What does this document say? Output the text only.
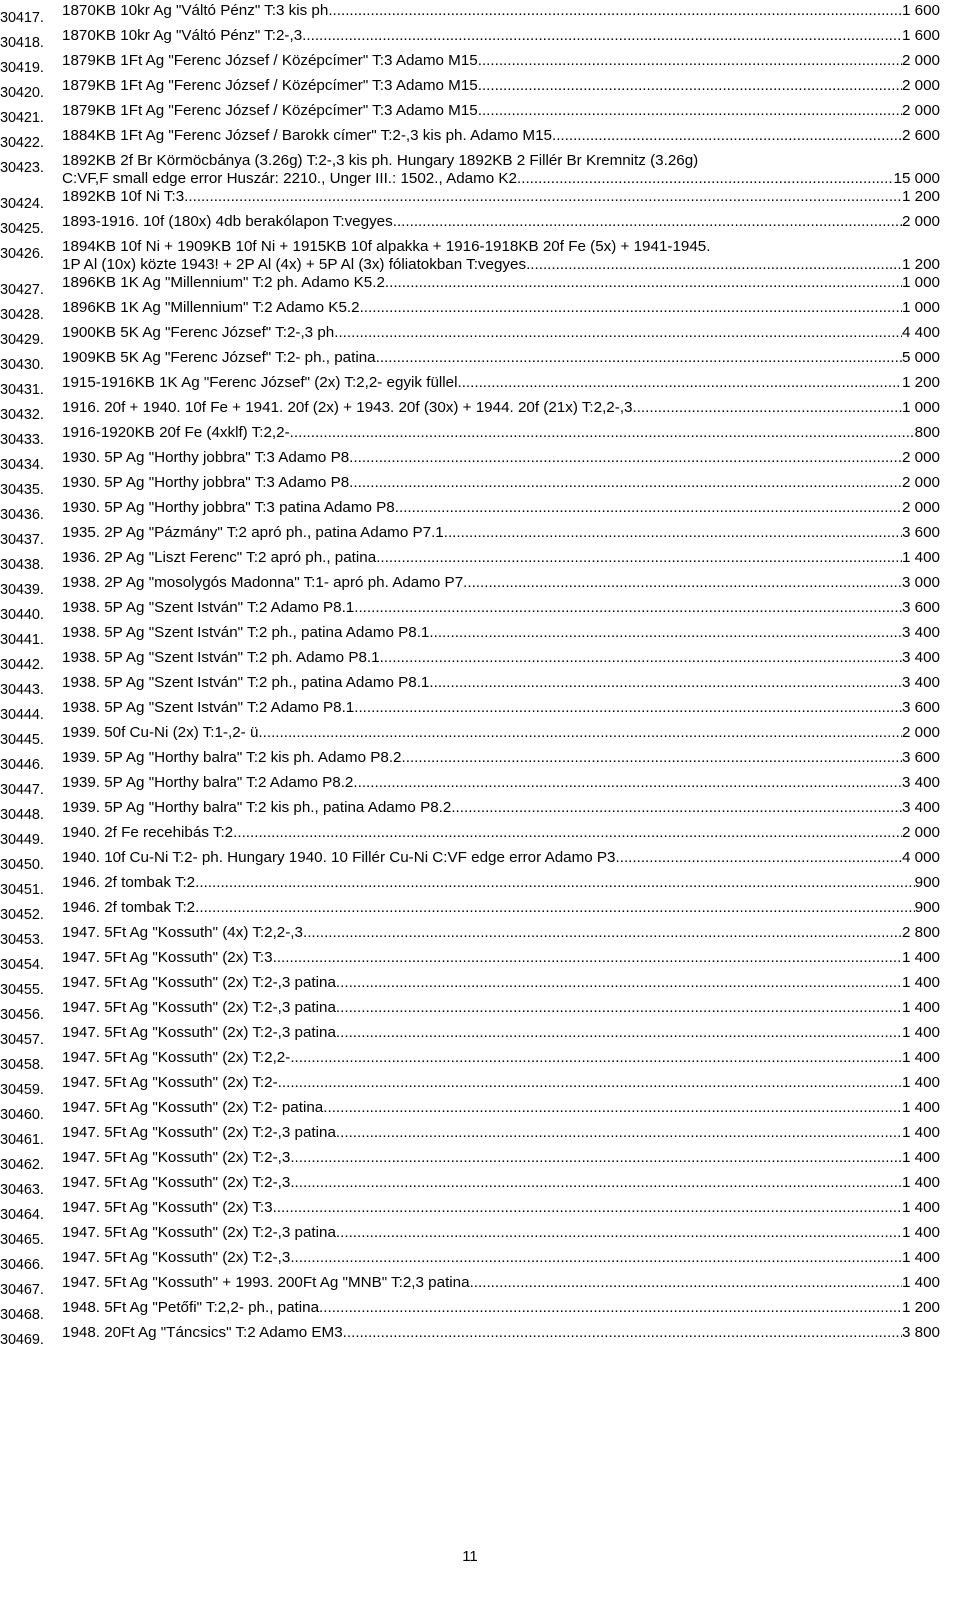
30417.	1870KB 10kr Ag "Váltó Pénz" T:3 kis ph. .....	1 600
30418.	1870KB 10kr Ag "Váltó Pénz" T:2-,3 .....	1 600
30419.	1879KB 1Ft Ag "Ferenc József / Középcímer" T:3 Adamo M15 .....	2 000
30420.	1879KB 1Ft Ag "Ferenc József / Középcímer" T:3 Adamo M15 .....	2 000
30421.	1879KB 1Ft Ag "Ferenc József / Középcímer" T:3 Adamo M15 .....	2 000
30422.	1884KB 1Ft Ag "Ferenc József / Barokk címer" T:2-,3 kis ph. Adamo M15 .....	2 600
30423.	1892KB 2f Br Körmöcbánya (3.26g) T:2-,3 kis ph. Hungary 1892KB 2 Fillér Br Kremnitz (3.26g)
C:VF,F small edge error Huszár: 2210., Unger III.: 1502., Adamo K2 .....	15 000
30424.	1892KB 10f Ni T:3 .....	1 200
30425.	1893-1916. 10f (180x) 4db berakólapon T:vegyes .....	2 000
30426.	1894KB 10f Ni + 1909KB 10f Ni + 1915KB 10f alpakka + 1916-1918KB 20f Fe (5x) + 1941-1945.
1P Al (10x) közte 1943! + 2P Al (4x) + 5P Al (3x) fóliatokban T:vegyes .....	1 200
30427.	1896KB 1K Ag "Millennium" T:2 ph. Adamo K5.2 .....	1 000
30428.	1896KB 1K Ag "Millennium" T:2 Adamo K5.2 .....	1 000
30429.	1900KB 5K Ag "Ferenc József" T:2-,3 ph. .....	4 400
30430.	1909KB 5K Ag "Ferenc József" T:2- ph., patina .....	5 000
30431.	1915-1916KB 1K Ag "Ferenc József" (2x) T:2,2- egyik füllel .....	1 200
30432.	1916. 20f + 1940. 10f Fe + 1941. 20f (2x) + 1943. 20f (30x) + 1944. 20f (21x) T:2,2-,3 .....	1 000
30433.	1916-1920KB 20f Fe (4xklf) T:2,2- .....	800
30434.	1930. 5P Ag "Horthy jobbra" T:3 Adamo P8 .....	2 000
30435.	1930. 5P Ag "Horthy jobbra" T:3 Adamo P8 .....	2 000
30436.	1930. 5P Ag "Horthy jobbra" T:3 patina Adamo P8 .....	2 000
30437.	1935. 2P Ag "Pázmány" T:2 apró ph., patina Adamo P7.1 .....	3 600
30438.	1936. 2P Ag "Liszt Ferenc" T:2 apró ph., patina .....	1 400
30439.	1938. 2P Ag "mosolygós Madonna" T:1- apró ph. Adamo P7 .....	3 000
30440.	1938. 5P Ag "Szent István" T:2 Adamo P8.1 .....	3 600
30441.	1938. 5P Ag "Szent István" T:2 ph., patina Adamo P8.1 .....	3 400
30442.	1938. 5P Ag "Szent István" T:2 ph. Adamo P8.1 .....	3 400
30443.	1938. 5P Ag "Szent István" T:2 ph., patina Adamo P8.1 .....	3 400
30444.	1938. 5P Ag "Szent István" T:2 Adamo P8.1 .....	3 600
30445.	1939. 50f Cu-Ni (2x) T:1-,2- ü. .....	2 000
30446.	1939. 5P Ag "Horthy balra" T:2 kis ph. Adamo P8.2 .....	3 600
30447.	1939. 5P Ag "Horthy balra" T:2 Adamo P8.2 .....	3 400
30448.	1939. 5P Ag "Horthy balra" T:2 kis ph., patina Adamo P8.2 .....	3 400
30449.	1940. 2f Fe recehibás T:2 .....	2 000
30450.	1940. 10f Cu-Ni T:2- ph. Hungary 1940. 10 Fillér Cu-Ni C:VF edge error Adamo P3 .....	4 000
30451.	1946. 2f tombak T:2 .....	900
30452.	1946. 2f tombak T:2 .....	900
30453.	1947. 5Ft Ag "Kossuth" (4x) T:2,2-,3 .....	2 800
30454.	1947. 5Ft Ag "Kossuth" (2x) T:3 .....	1 400
30455.	1947. 5Ft Ag "Kossuth" (2x) T:2-,3 patina .....	1 400
30456.	1947. 5Ft Ag "Kossuth" (2x) T:2-,3 patina .....	1 400
30457.	1947. 5Ft Ag "Kossuth" (2x) T:2-,3 patina .....	1 400
30458.	1947. 5Ft Ag "Kossuth" (2x) T:2,2- .....	1 400
30459.	1947. 5Ft Ag "Kossuth" (2x) T:2- .....	1 400
30460.	1947. 5Ft Ag "Kossuth" (2x) T:2- patina .....	1 400
30461.	1947. 5Ft Ag "Kossuth" (2x) T:2-,3 patina .....	1 400
30462.	1947. 5Ft Ag "Kossuth" (2x) T:2-,3 .....	1 400
30463.	1947. 5Ft Ag "Kossuth" (2x) T:2-,3 .....	1 400
30464.	1947. 5Ft Ag "Kossuth" (2x) T:3 .....	1 400
30465.	1947. 5Ft Ag "Kossuth" (2x) T:2-,3 patina .....	1 400
30466.	1947. 5Ft Ag "Kossuth" (2x) T:2-,3 .....	1 400
30467.	1947. 5Ft Ag "Kossuth" + 1993. 200Ft Ag "MNB" T:2,3 patina .....	1 400
30468.	1948. 5Ft Ag "Petőfi" T:2,2- ph., patina .....	1 200
30469.	1948. 20Ft Ag "Táncsics" T:2 Adamo EM3 .....	3 800
11
